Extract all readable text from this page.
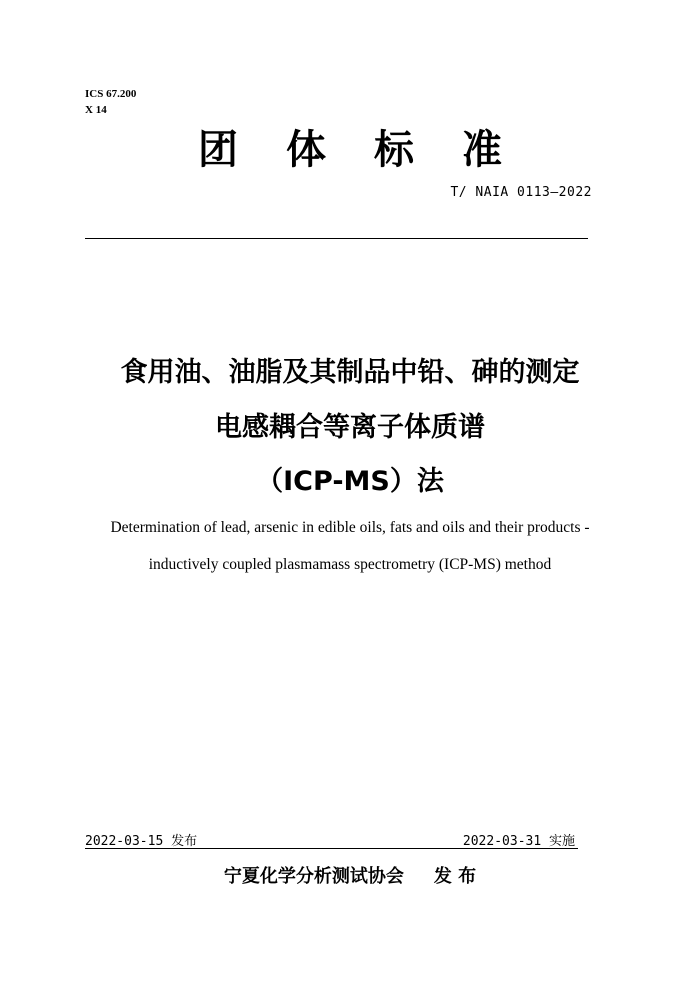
ICS 67.200
X 14
团 体 标 准
T/ NAIA 0113—2022
食用油、油脂及其制品中铅、砷的测定
电感耦合等离子体质谱
（ICP-MS）法
Determination of lead, arsenic in edible oils, fats and oils and their products -
inductively coupled plasmamass spectrometry (ICP-MS) method
2022-03-15 发布	2022-03-31 实施
宁夏化学分析测试协会 发 布
